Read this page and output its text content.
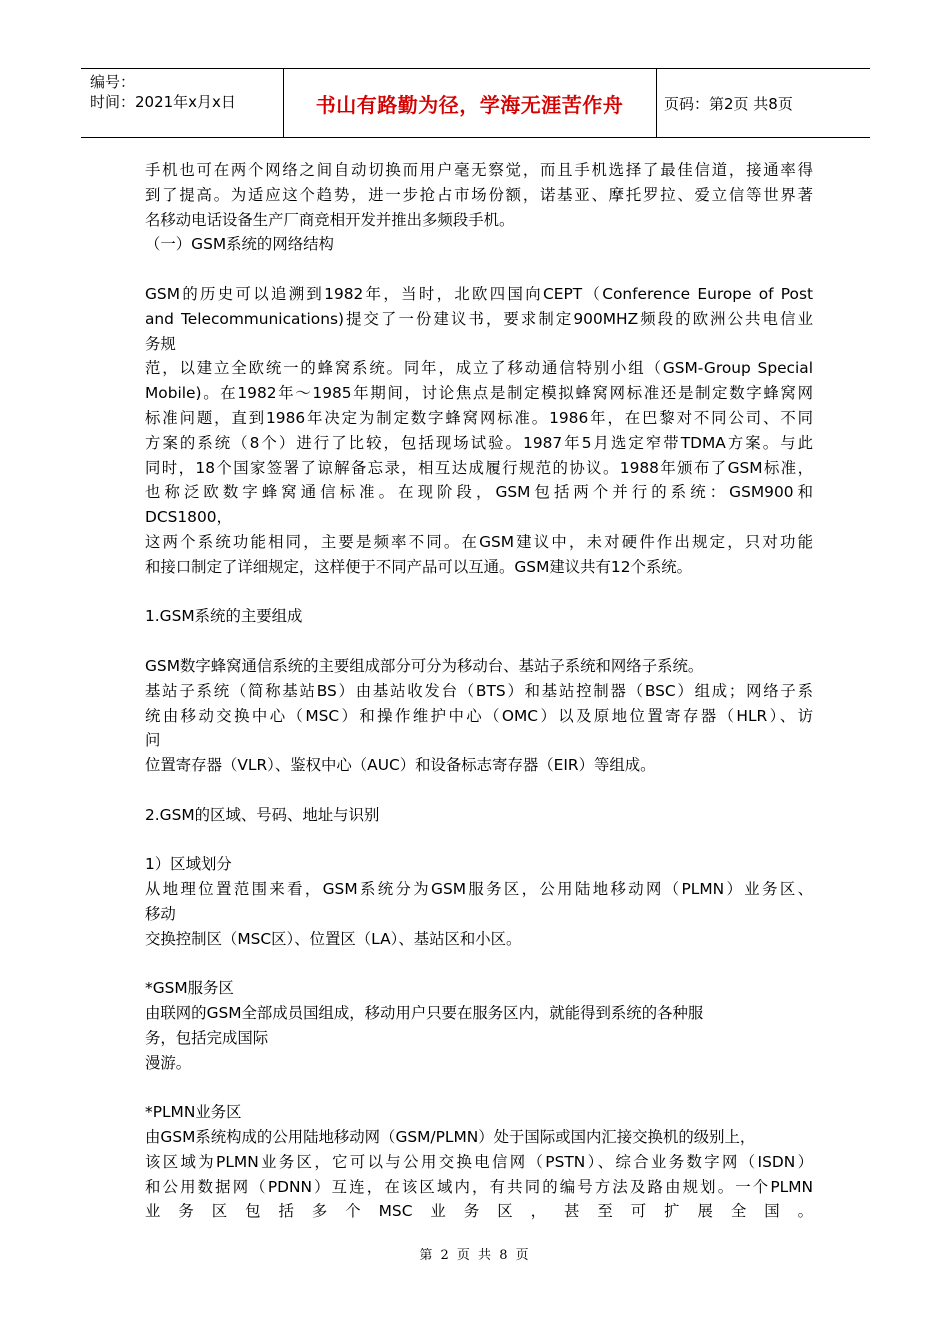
编号：
时间：2021年x月x日	书山有路勤为径，学海无涯苦作舟	页码：第2页 共8页

手机也可在两个网络之间自动切换而用户毫无察觉，而且手机选择了最佳信道，接通率得

到了提高。为适应这个趋势，进一步抢占市场份额，诺基亚、摩托罗拉、爱立信等世界著

名移动电话设备生产厂商竞相开发并推出多频段手机。

（一）GSM系统的网络结构

GSM的历史可以追溯到1982年，当时，北欧四国向CEPT（Conference Europe of Post

and Telecommunications)提交了一份建议书，要求制定900MHZ频段的欧洲公共电信业

务规

范，以建立全欧统一的蜂窝系统。同年，成立了移动通信特别小组（GSM-Group Special

Mobile)。在1982年～1985年期间，讨论焦点是制定模拟蜂窝网标准还是制定数字蜂窝网

标准问题，直到1986年决定为制定数字蜂窝网标准。1986年，在巴黎对不同公司、不同

方案的系统（8个）进行了比较，包括现场试验。1987年5月选定窄带TDMA方案。与此

同时，18个国家签署了谅解备忘录，相互达成履行规范的协议。1988年颁布了GSM标准，

也称泛欧数字蜂窝通信标准。在现阶段，GSM包括两个并行的系统：GSM900和

DCS1800，

这两个系统功能相同，主要是频率不同。在GSM建议中，未对硬件作出规定，只对功能

和接口制定了详细规定，这样便于不同产品可以互通。GSM建议共有12个系统。

1.GSM系统的主要组成

GSM数字蜂窝通信系统的主要组成部分可分为移动台、基站子系统和网络子系统。

基站子系统（简称基站BS）由基站收发台（BTS）和基站控制器（BSC）组成；网络子系

统由移动交换中心（MSC）和操作维护中心（OMC）以及原地位置寄存器（HLR）、访

问

位置寄存器（VLR）、鉴权中心（AUC）和设备标志寄存器（EIR）等组成。

2.GSM的区域、号码、地址与识别

1）区域划分

从地理位置范围来看，GSM系统分为GSM服务区，公用陆地移动网（PLMN）业务区、

移动

交换控制区（MSC区）、位置区（LA）、基站区和小区。

*GSM服务区

由联网的GSM全部成员国组成，移动用户只要在服务区内，就能得到系统的各种服

务，包括完成国际

漫游。

*PLMN业务区

由GSM系统构成的公用陆地移动网（GSM/PLMN）处于国际或国内汇接交换机的级别上，

该区域为PLMN业务区，它可以与公用交换电信网（PSTN）、综合业务数字网（ISDN）

和公用数据网（PDNN）互连，在该区域内，有共同的编号方法及路由规划。一个PLMN

业务区包括多个MSC业务区，甚至可扩展全国。

第 2 页 共 8 页
